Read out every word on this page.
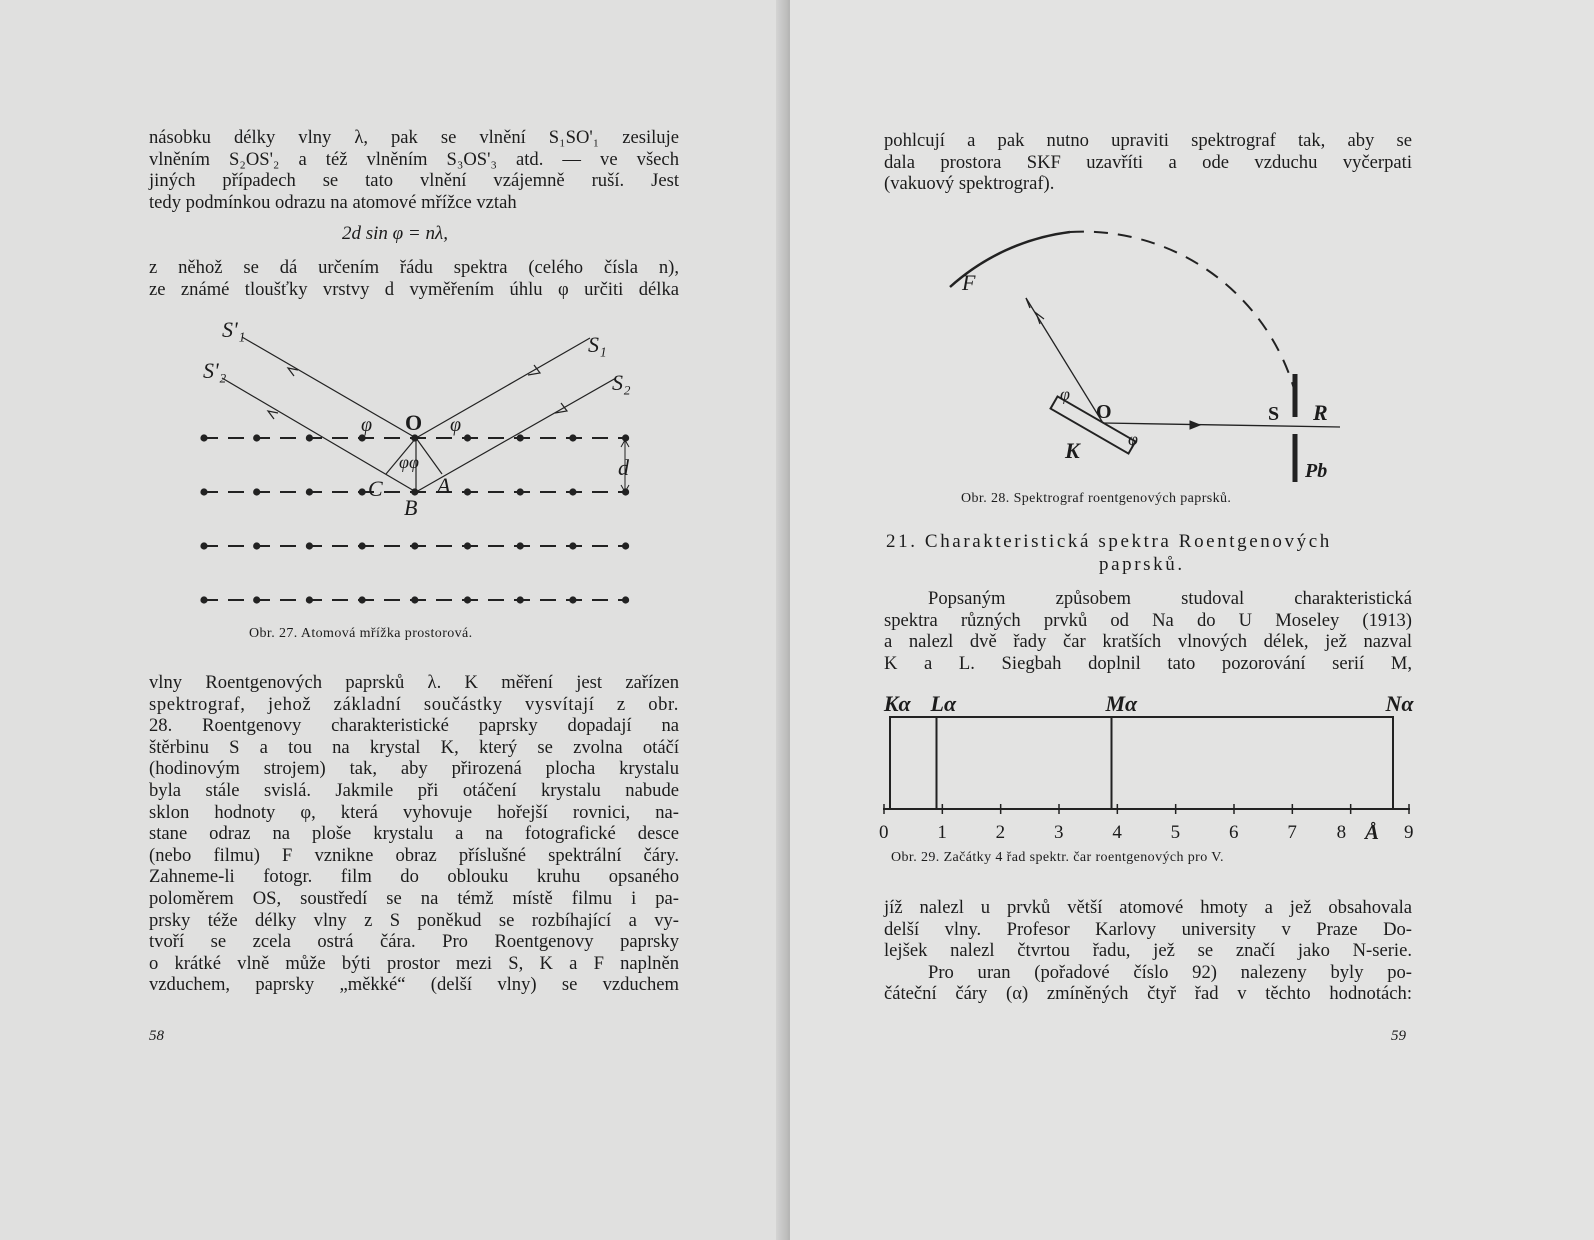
násobku délky vlny λ, pak se vlnění S₁SO'₁ zesiluje
vlněním S₂OS'₂ a též vlněním S₃OS'₃ atd. — ve všech
jiných případech se tato vlnění vzájemně ruší. Jest
tedy podmínkou odrazu na atomové mřížce vztah
2d sin φ = nλ,
z něhož se dá určením řádu spektra (celého čísla n),
ze známé tloušťky vrstvy d vyměřením úhlu φ určiti délka
S'₁
S'₂
S₁
S₂
O
B
C A
d
φ	φ
φφ
Obr. 27. Atomová mřížka prostorová.
vlny Roentgenových paprsků λ. K měření jest zařízen
spektrograf, jehož základní součástky vysvítají z obr.
28. Roentgenovy charakteristické paprsky dopadají na
štěrbinu S a tou na krystal K, který se zvolna otáčí
(hodinovým strojem) tak, aby přirozená plocha krystalu
byla stále svislá. Jakmile při otáčení krystalu nabude
sklon hodnoty φ, která vyhovuje hořejší rovnici, na-
stane odraz na ploše krystalu a na fotografické desce
(nebo filmu) F vznikne obraz příslušné spektrální čáry.
Zahneme-li fotogr. film do oblouku kruhu opsaného
poloměrem OS, soustředí se na témž místě filmu i pa-
prsky téže délky vlny z S poněkud se rozbíhající a vy-
tvoří se zcela ostrá čára. Pro Roentgenovy paprsky
o krátké vlně může býti prostor mezi S, K a F naplněn
vzduchem, paprsky „měkké“ (delší vlny) se vzduchem
58
pohlcují a pak nutno upraviti spektrograf tak, aby se
dala prostora SKF uzavříti a ode vzduchu vyčerpati
(vakuový spektrograf).
F
O	S R
K
Pb
φ
φ
Obr. 28. Spektrograf roentgenových paprsků.
21. Charakteristická spektra Roentgenových
paprsků.
Popsaným způsobem studoval charakteristická
spektra různých prvků od Na do U Moseley (1913)
a nalezl dvě řady čar kratších vlnových délek, jež nazval
K a L. Siegbah doplnil tato pozorování serií M,
0	1	2	3	4	5	6	7 8	9
Kα Lα	Mα	Nα
Å
Obr. 29. Začátky 4 řad spektr. čar roentgenových pro V.
jíž nalezl u prvků větší atomové hmoty a jež obsahovala
delší vlny. Profesor Karlovy university v Praze Do-
lejšek nalezl čtvrtou řadu, jež se značí jako N-serie.
Pro uran (pořadové číslo 92) nalezeny byly po-
čáteční čáry (α) zmíněných čtyř řad v těchto hodnotách:
59
